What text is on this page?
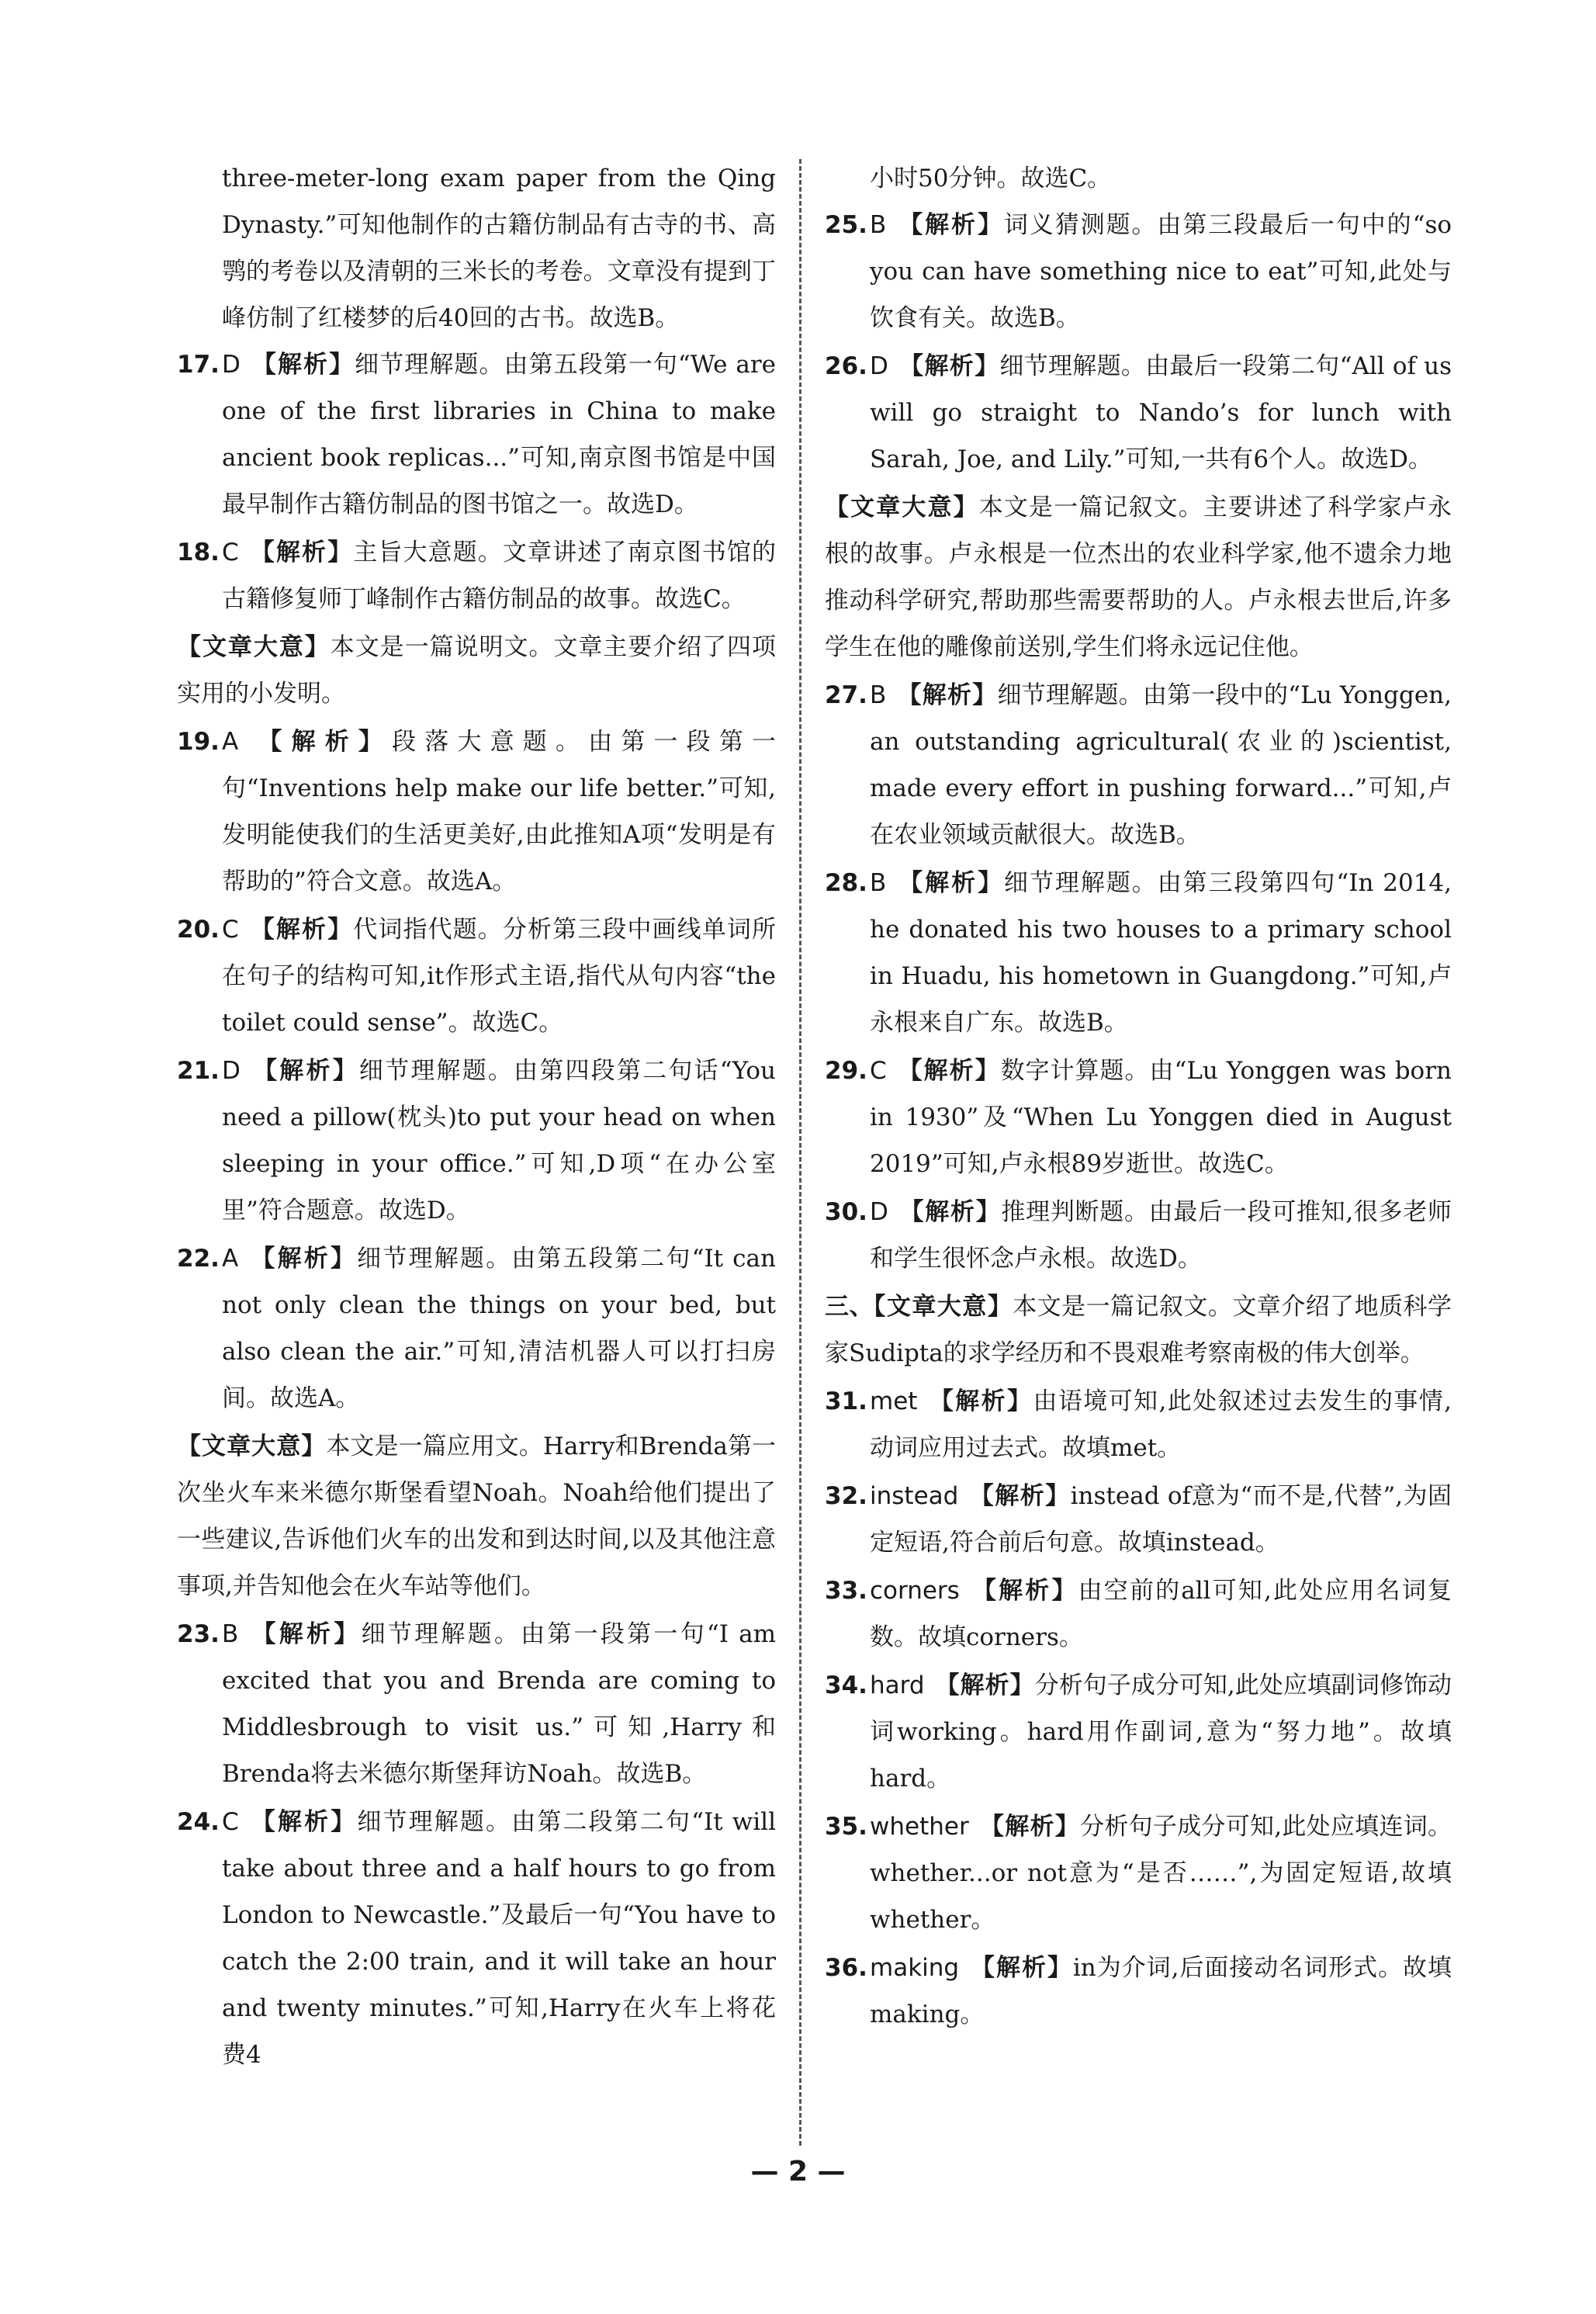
three-meter-long exam paper from the Qing Dynasty.”可知他制作的古籍仿制品有古寺的书、高鹗的考卷以及清朝的三米长的考卷。文章没有提到丁峰仿制了红楼梦的后40回的古书。故选B。
17. D 【解析】细节理解题。由第五段第一句“We are one of the first libraries in China to make ancient book replicas...”可知,南京图书馆是中国最早制作古籍仿制品的图书馆之一。故选D。
18. C 【解析】主旨大意题。文章讲述了南京图书馆的古籍修复师丁峰制作古籍仿制品的故事。故选C。
【文章大意】本文是一篇说明文。文章主要介绍了四项实用的小发明。
19. A 【解析】段落大意题。由第一段第一句“Inventions help make our life better.”可知,发明能使我们的生活更美好,由此推知A项“发明是有帮助的”符合文意。故选A。
20. C 【解析】代词指代题。分析第三段中画线单词所在句子的结构可知,it作形式主语,指代从句内容“the toilet could sense”。故选C。
21. D 【解析】细节理解题。由第四段第二句话“You need a pillow(枕头)to put your head on when sleeping in your office.”可知,D项“在办公室里”符合题意。故选D。
22. A 【解析】细节理解题。由第五段第二句“It can not only clean the things on your bed, but also clean the air.”可知,清洁机器人可以打扫房间。故选A。
【文章大意】本文是一篇应用文。Harry和Brenda第一次坐火车来米德尔斯堡看望Noah。Noah给他们提出了一些建议,告诉他们火车的出发和到达时间,以及其他注意事项,并告知他会在火车站等他们。
23. B 【解析】细节理解题。由第一段第一句“I am excited that you and Brenda are coming to Middlesbrough to visit us.”可知,Harry和Brenda将去米德尔斯堡拜访Noah。故选B。
24. C 【解析】细节理解题。由第二段第二句“It will take about three and a half hours to go from London to Newcastle.”及最后一句“You have to catch the 2:00 train, and it will take an hour and twenty minutes.”可知,Harry在火车上将花费4
小时50分钟。故选C。
25. B 【解析】词义猜测题。由第三段最后一句中的“so you can have something nice to eat”可知,此处与饮食有关。故选B。
26. D 【解析】细节理解题。由最后一段第二句“All of us will go straight to Nando’s for lunch with Sarah, Joe, and Lily.”可知,一共有6个人。故选D。
【文章大意】本文是一篇记叙文。主要讲述了科学家卢永根的故事。卢永根是一位杰出的农业科学家,他不遗余力地推动科学研究,帮助那些需要帮助的人。卢永根去世后,许多学生在他的雕像前送别,学生们将永远记住他。
27. B 【解析】细节理解题。由第一段中的“Lu Yonggen, an outstanding agricultural(农业的)scientist, made every effort in pushing forward...”可知,卢在农业领域贡献很大。故选B。
28. B 【解析】细节理解题。由第三段第四句“In 2014, he donated his two houses to a primary school in Huadu, his hometown in Guangdong.”可知,卢永根来自广东。故选B。
29. C 【解析】数字计算题。由“Lu Yonggen was born in 1930”及“When Lu Yonggen died in August 2019”可知,卢永根89岁逝世。故选C。
30. D 【解析】推理判断题。由最后一段可推知,很多老师和学生很怀念卢永根。故选D。
三、【文章大意】本文是一篇记叙文。文章介绍了地质科学家Sudipta的求学经历和不畏艰难考察南极的伟大创举。
31. met 【解析】由语境可知,此处叙述过去发生的事情,动词应用过去式。故填met。
32. instead 【解析】instead of意为“而不是,代替”,为固定短语,符合前后句意。故填instead。
33. corners 【解析】由空前的all可知,此处应用名词复数。故填corners。
34. hard 【解析】分析句子成分可知,此处应填副词修饰动词working。hard用作副词,意为“努力地”。故填hard。
35. whether 【解析】分析句子成分可知,此处应填连词。whether...or not意为“是否……”,为固定短语,故填whether。
36. making 【解析】in为介词,后面接动名词形式。故填making。
— 2 —
